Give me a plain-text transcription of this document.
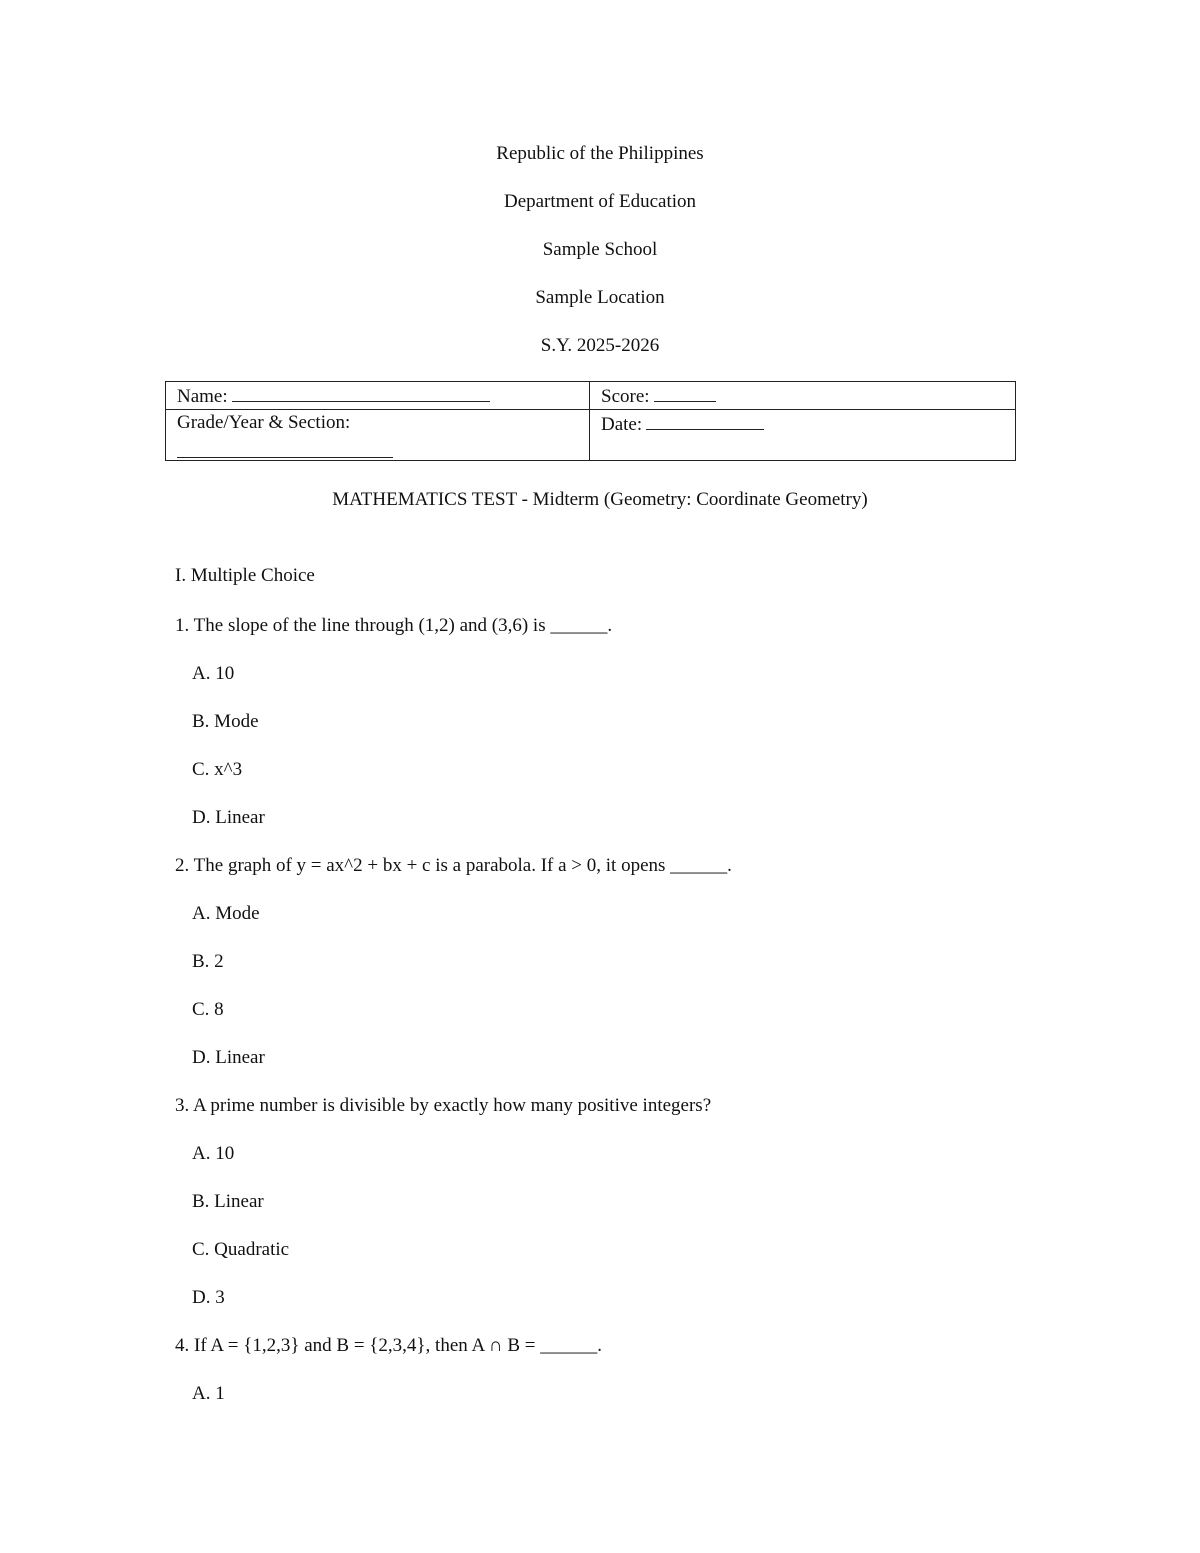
Republic of the Philippines
Department of Education
Sample School
Sample Location
S.Y. 2025-2026
Name:	Score:
Grade/Year & Section:	Date:
MATHEMATICS TEST - Midterm (Geometry: Coordinate Geometry)
I. Multiple Choice
1. The slope of the line through (1,2) and (3,6) is ______.
A. 10
B. Mode
C. x^3
D. Linear
2. The graph of y = ax^2 + bx + c is a parabola. If a > 0, it opens ______.
A. Mode
B. 2
C. 8
D. Linear
3. A prime number is divisible by exactly how many positive integers?
A. 10
B. Linear
C. Quadratic
D. 3
4. If A = {1,2,3} and B = {2,3,4}, then A ∩ B = ______.
A. 1
